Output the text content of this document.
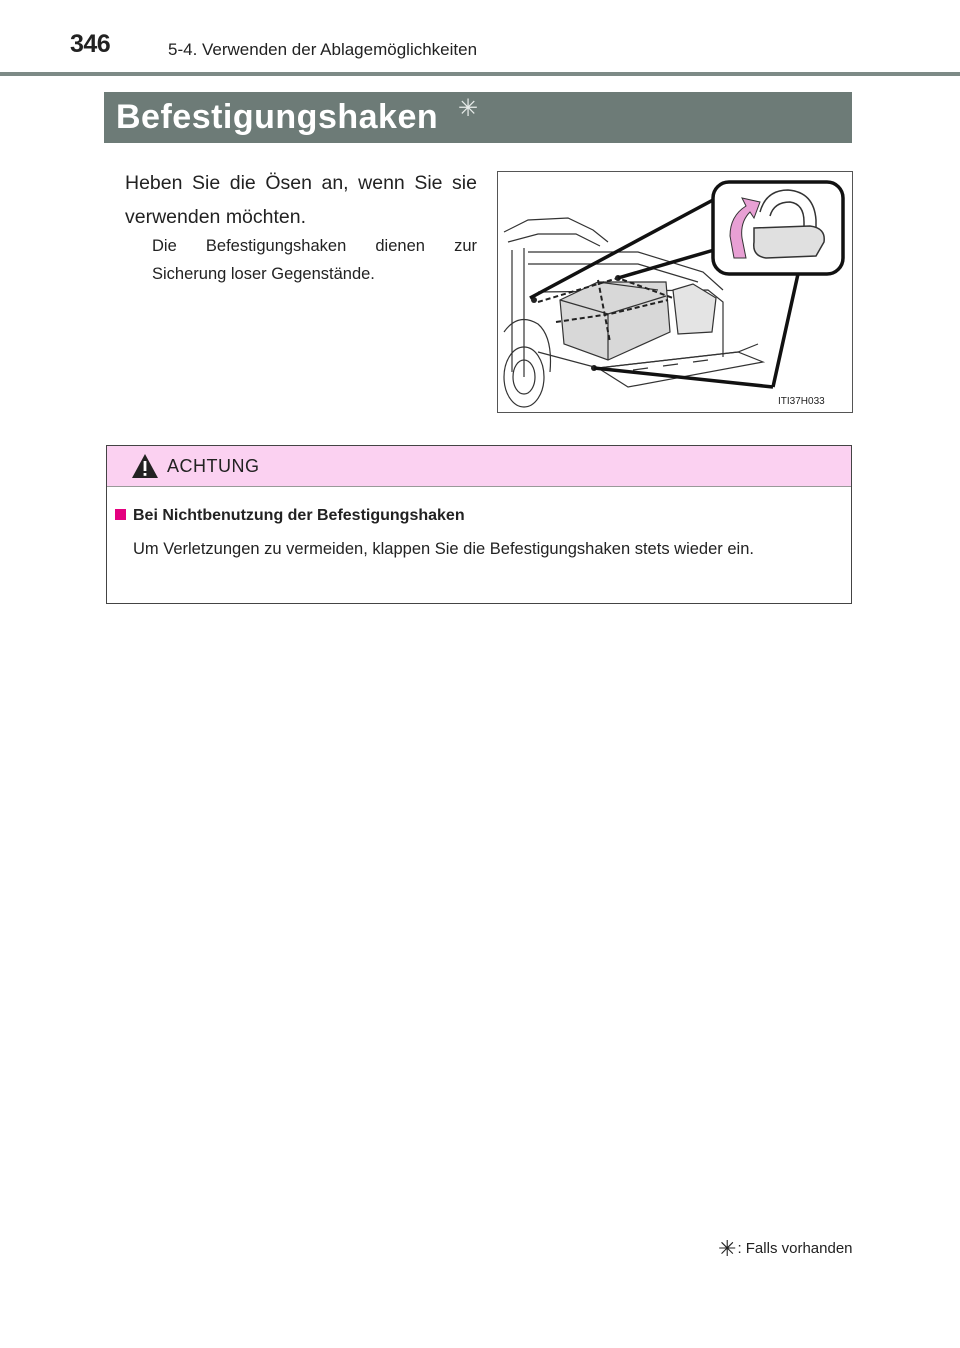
346	5-4. Verwenden der Ablagemöglichkeiten
Befestigungshaken ✳
Heben Sie die Ösen an, wenn Sie sie verwenden möchten.
Die Befestigungshaken dienen zur Sicherung loser Gegenstände.
ITI37H033
ACHTUNG
Bei Nichtbenutzung der Befestigungshaken
Um Verletzungen zu vermeiden, klappen Sie die Befestigungshaken stets wieder ein.
✳: Falls vorhanden
